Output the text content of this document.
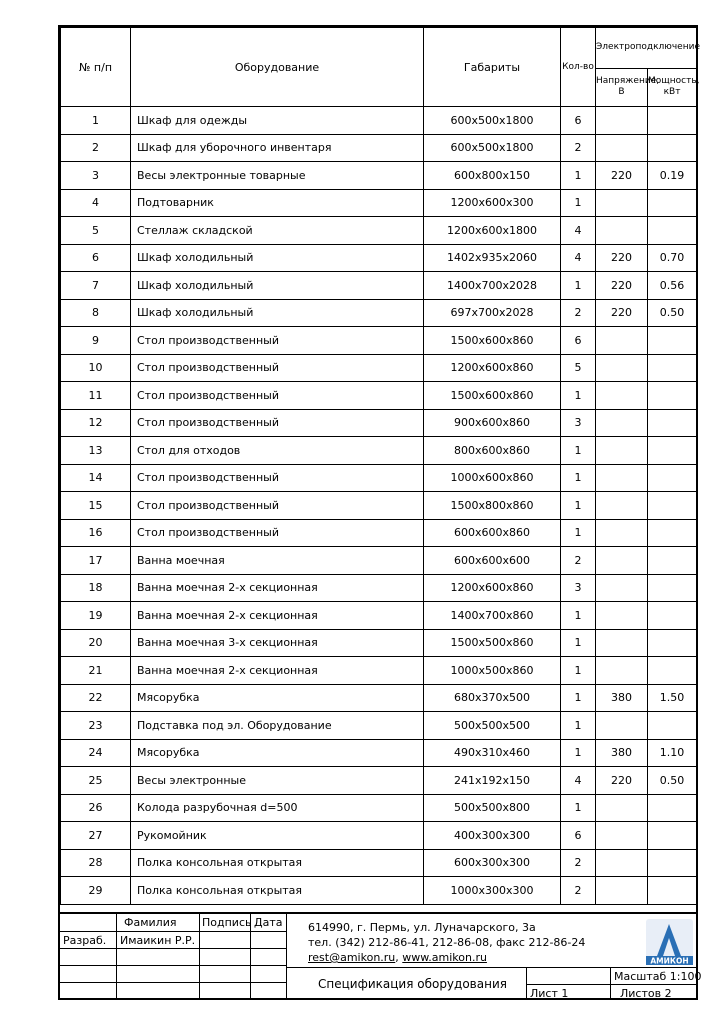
№ п/п	Оборудование	Габариты	Кол-во	Электроподключение	
				Напряжение, В	Мощность, кВт
1	Шкаф для одежды	600х500х1800	6		
2	Шкаф для уборочного инвентаря	600х500х1800	2		
3	Весы электронные товарные	600х800х150	1	220	0.19
4	Подтоварник	1200х600х300	1		
5	Стеллаж складской	1200х600х1800	4		
6	Шкаф холодильный	1402х935х2060	4	220	0.70
7	Шкаф холодильный	1400х700х2028	1	220	0.56
8	Шкаф холодильный	697х700х2028	2	220	0.50
9	Стол производственный	1500х600х860	6		
10	Стол производственный	1200х600х860	5		
11	Стол производственный	1500х600х860	1		
12	Стол производственный	900х600х860	3		
13	Стол для отходов	800х600х860	1		
14	Стол производственный	1000х600х860	1		
15	Стол производственный	1500х800х860	1		
16	Стол производственный	600х600х860	1		
17	Ванна моечная	600х600х600	2		
18	Ванна моечная 2-х секционная	1200х600х860	3		
19	Ванна моечная 2-х секционная	1400х700х860	1		
20	Ванна моечная 3-х секционная	1500х500х860	1		
21	Ванна моечная 2-х секционная	1000х500х860	1		
22	Мясорубка	680х370х500	1	380	1.50
23	Подставка под эл. Оборудование	500х500х500	1		
24	Мясорубка	490х310х460	1	380	1.10
25	Весы электронные	241х192х150	4	220	0.50
26	Колода разрубочная d=500	500х500х800	1		
27	Рукомойник	400х300х300	6		
28	Полка консольная открытая	600х300х300	2		
29	Полка консольная открытая	1000х300х300	2		
Фамилия Подпись Дата
Разраб. Имаикин Р.Р.
614990, г. Пермь, ул. Луначарского, 3а
тел. (342) 212-86-41, 212-86-08, факс 212-86-24
rest@amikon.ru, www.amikon.ru
Спецификация оборудования
Масштаб 1:100
Лист 1	Листов 2
АМИКОН
